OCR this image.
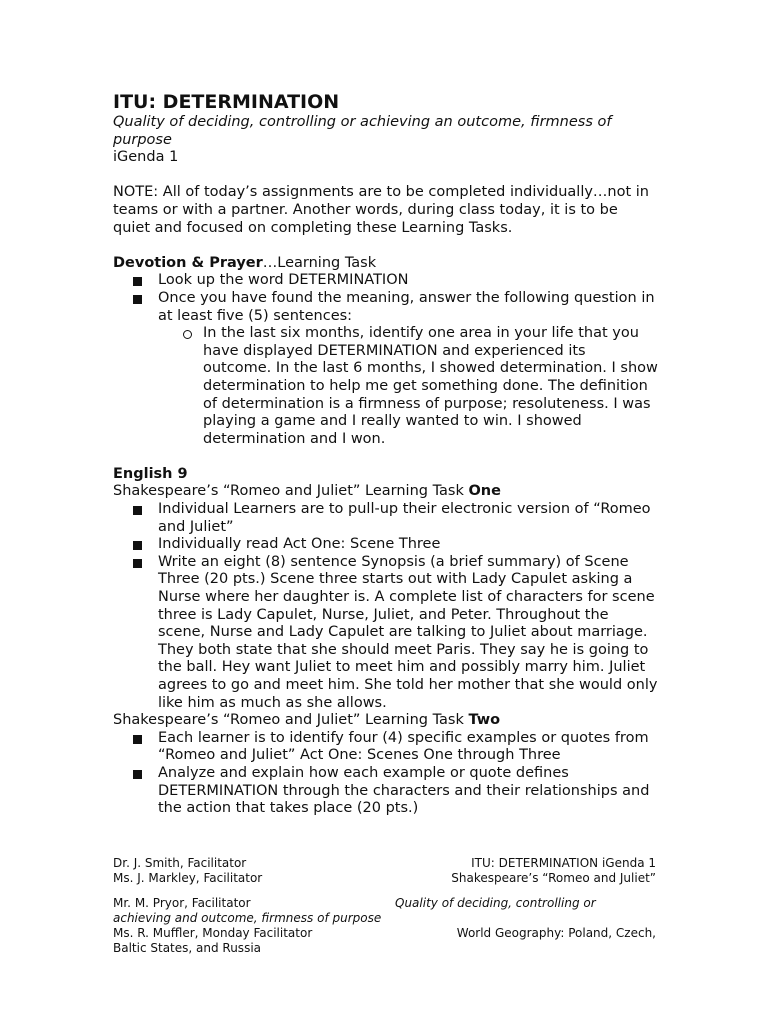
ITU: DETERMINATION

Quality of deciding, controlling or achieving an outcome, firmness of purpose

iGenda 1

NOTE: All of today’s assignments are to be completed individually…not in teams or with a partner. Another words, during class today, it is to be quiet and focused on completing these Learning Tasks.

Devotion & Prayer…Learning Task

Look up the word DETERMINATION
Once you have found the meaning, answer the following question in at least five (5) sentences:
In the last six months, identify one area in your life that you have displayed DETERMINATION and experienced its outcome. In the last 6 months, I showed determination. I show determination to help me get something done. The definition of determination is a firmness of purpose; resoluteness. I was playing a game and I really wanted to win. I showed determination and I won.

English 9

Shakespeare’s “Romeo and Juliet” Learning Task One

Individual Learners are to pull-up their electronic version of “Romeo and Juliet”
Individually read Act One: Scene Three
Write an eight (8) sentence Synopsis (a brief summary) of Scene Three (20 pts.) Scene three starts out with Lady Capulet asking a Nurse where her daughter is. A complete list of characters for scene three is Lady Capulet, Nurse, Juliet, and Peter. Throughout the scene, Nurse and Lady Capulet are talking to Juliet about marriage. They both state that she should meet Paris. They say he is going to the ball. Hey want Juliet to meet him and possibly marry him. Juliet agrees to go and meet him. She told her mother that she would only like him as much as she allows.

Shakespeare’s “Romeo and Juliet” Learning Task Two

Each learner is to identify four (4) specific examples or quotes from “Romeo and Juliet” Act One: Scenes One through Three
Analyze and explain how each example or quote defines DETERMINATION through the characters and their relationships and the action that takes place (20 pts.)
Dr. J. Smith, Facilitator	ITU: DETERMINATION iGenda 1
Ms. J. Markley, Facilitator	Shakespeare’s “Romeo and Juliet”
Mr. M. Pryor, Facilitator	Quality of deciding, controlling or
achieving and outcome, firmness of purpose
Ms. R. Muffler, Monday Facilitator	World Geography: Poland, Czech,
Baltic States, and Russia
